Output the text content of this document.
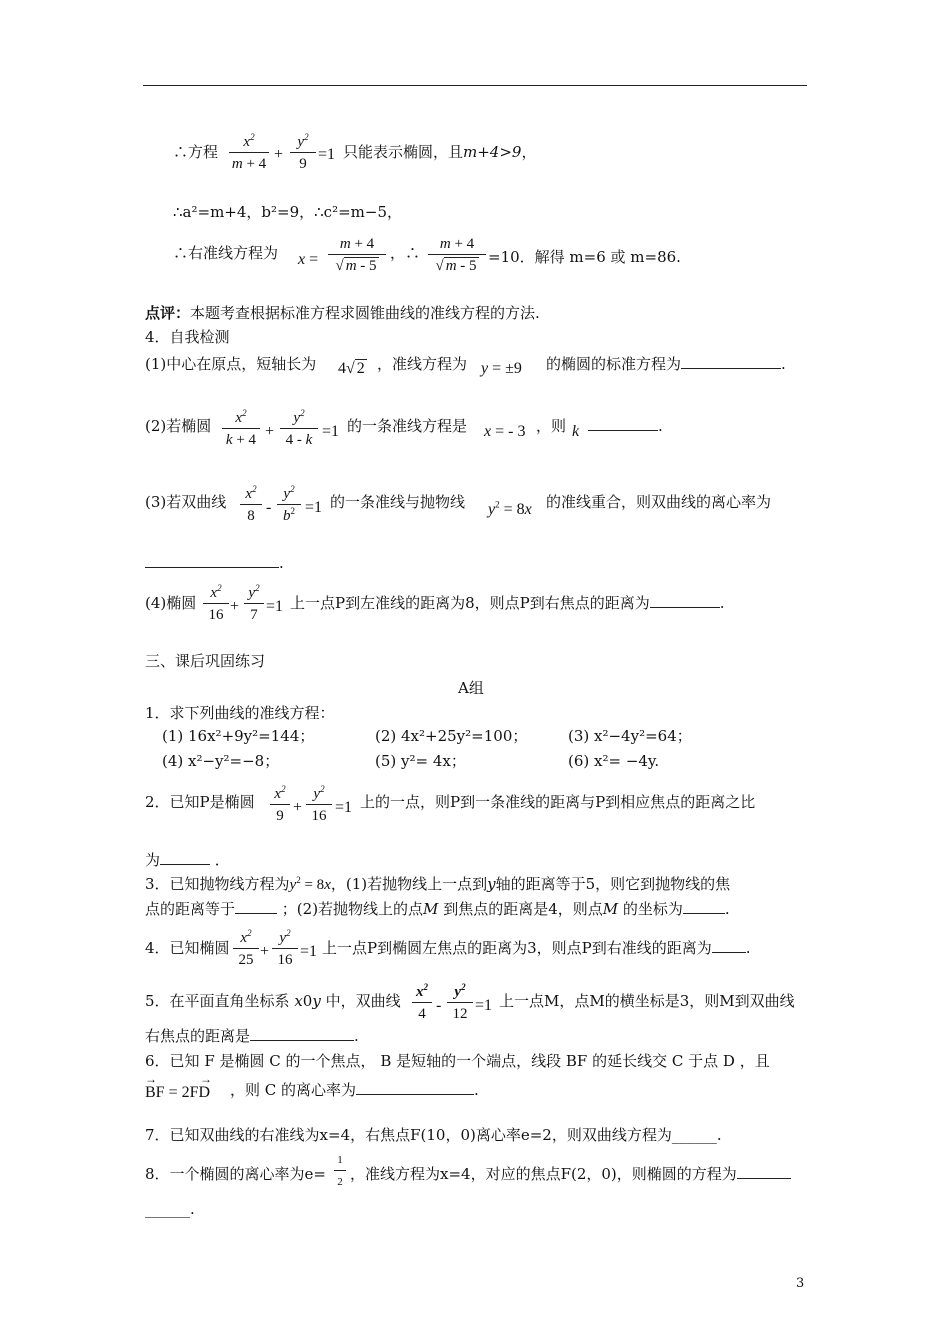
∴方程 $\frac{x^2}{m + 4} + \frac{y^2}{9} =1$ 只能表示椭圆，且m+4>9，
∴a²=m+4，b²=9，∴c²=m−5，
∴右准线方程为 $x = \frac{m + 4}{√ m - 5}$ ，∴ $\frac{m + 4}{√ m - 5} =10$．解得 m=6 或 m=86.
点评：本题考查根据标准方程求圆锥曲线的准线方程的方法.
4．自我检测
(1)中心在原点，短轴长为 4√ 2 ，准线方程为 y = ±9 的椭圆的标准方程为	.
(2)若椭圆 $\frac{x^2}{k + 4} + \frac{y^2}{4 - k} =1$ 的一条准线方程是 x = - 3 ，则 k	.
(3)若双曲线 $\frac{x^2}{8} - \frac{y^2}{b^2} =1$ 的一条准线与抛物线 $y^2 = 8x$ 的准线重合，则双曲线的离心率为
.
(4)椭圆 $\frac{x^2}{16} + \frac{y^2}{7} =1$ 上一点P到左准线的距离为8，则点P到右焦点的距离为	.
三、课后巩固练习
A组
1．求下列曲线的准线方程：
(1) 16x²+9y²=144；	(2) 4x²+25y²=100；	(3) x²−4y²=64；
(4) x²−y²=−8；	(5) y²= 4x；	(6) x²= −4y.
2．已知P是椭圆 $\frac{x^2}{9} + \frac{y^2}{16} =1$ 上的一点，则P到一条准线的距离与P到相应焦点的距离之比
为	．
3．已知抛物线方程为$y^2 = 8x$，(1)若抛物线上一点到y轴的距离等于5，则它到抛物线的焦
点的距离等于	；(2)若抛物线上的点M 到焦点的距离是4，则点M 的坐标为	.
4．已知椭圆 $\frac{x^2}{25} + \frac{y^2}{16} =1$ 上一点P到椭圆左焦点的距离为3，则点P到右准线的距离为 .
5．在平面直角坐标系 x0y 中，双曲线 $\frac{x^2}{4} - \frac{y^2}{12} =1$ 上一点M，点M的横坐标是3，则M到双曲线
右焦点的距离是	.
6．已知 F 是椭圆 C 的一个焦点， B 是短轴的一个端点，线段 BF 的延长线交 C 于点 D ，且
→	→
BF = 2FD ，则 C 的离心率为	.
7．已知双曲线的右准线为x=4，右焦点F(10，0)离心率e=2，则双曲线方程为______.
8．一个椭圆的离心率为$e= \frac{1}{2}$ ，准线方程为x=4，对应的焦点F(2，0)，则椭圆的方程为
______.
3
